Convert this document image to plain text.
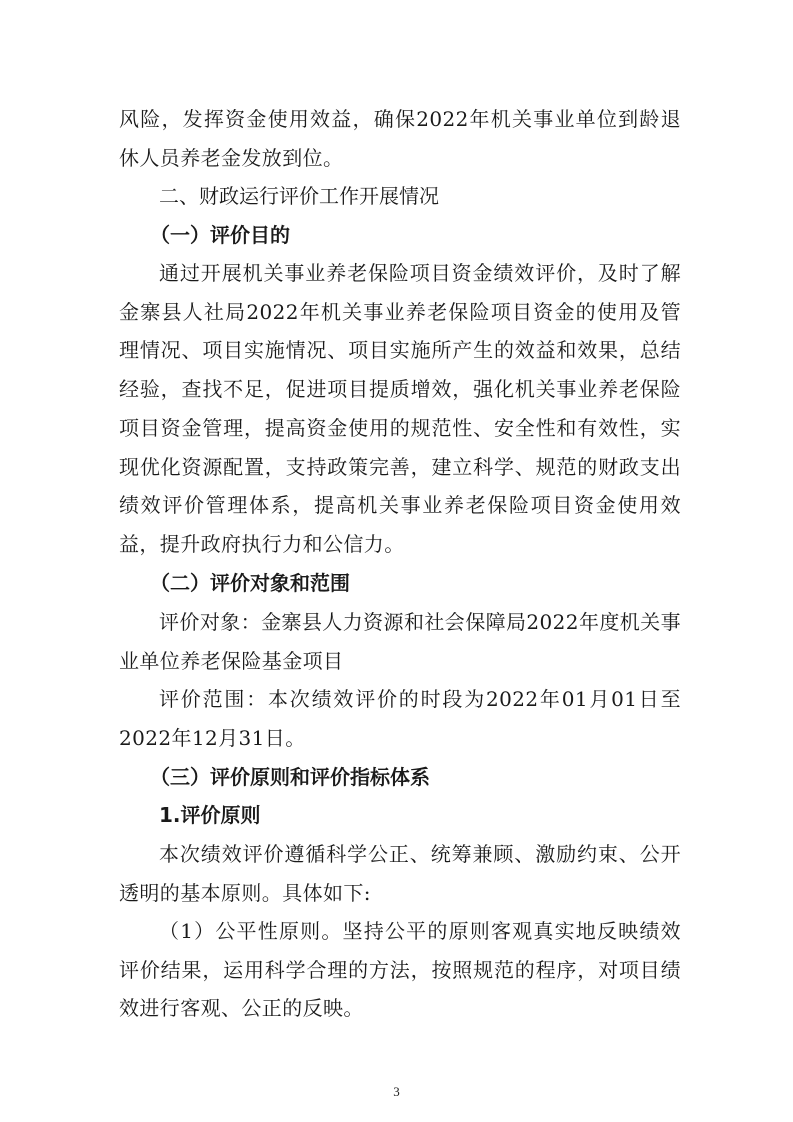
风险，发挥资金使用效益，确保2022年机关事业单位到龄退休人员养老金发放到位。

二、财政运行评价工作开展情况
（一）评价目的

通过开展机关事业养老保险项目资金绩效评价，及时了解金寨县人社局2022年机关事业养老保险项目资金的使用及管理情况、项目实施情况、项目实施所产生的效益和效果，总结经验，查找不足，促进项目提质增效，强化机关事业养老保险项目资金管理，提高资金使用的规范性、安全性和有效性，实现优化资源配置，支持政策完善，建立科学、规范的财政支出绩效评价管理体系，提高机关事业养老保险项目资金使用效益，提升政府执行力和公信力。

（二）评价对象和范围

评价对象：金寨县人力资源和社会保障局2022年度机关事业单位养老保险基金项目

评价范围：本次绩效评价的时段为2022年01月01日至2022年12月31日。

（三）评价原则和评价指标体系
1.评价原则

本次绩效评价遵循科学公正、统筹兼顾、激励约束、公开透明的基本原则。具体如下:

（1）公平性原则。坚持公平的原则客观真实地反映绩效评价结果，运用科学合理的方法，按照规范的程序，对项目绩效进行客观、公正的反映。

3
